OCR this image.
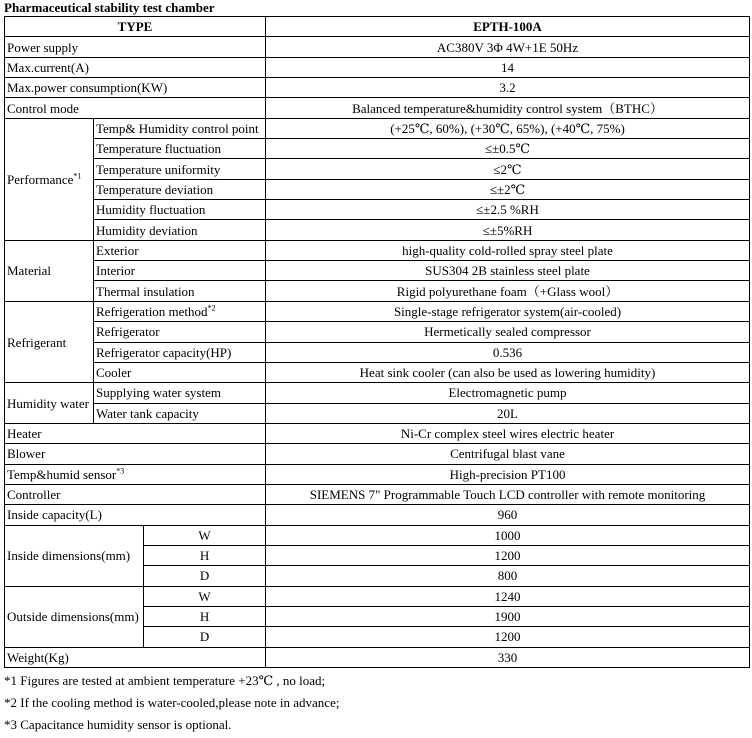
Pharmaceutical stability test chamber
TYPE			EPTH-100A
Power supply			AC380V 3Φ 4W+1E 50Hz
Max.current(A)			14
Max.power consumption(KW)			3.2
Control mode			Balanced temperature&humidity control system（BTHC）
Performance$^{*1}$	Temp& Humidity control point		(+25℃, 60%), (+30℃, 65%), (+40℃, 75%)
	Temperature fluctuation		≤±0.5℃
	Temperature uniformity		≤2℃
	Temperature deviation		≤±2℃
	Humidity fluctuation		≤±2.5 %RH
	Humidity deviation		≤±5%RH
Material	Exterior		high-quality cold-rolled spray steel plate
	Interior		SUS304 2B stainless steel plate
	Thermal insulation		Rigid polyurethane foam（+Glass wool）
Refrigerant	Refrigeration method$^{*2}$		Single-stage refrigerator system(air-cooled)
	Refrigerator		Hermetically sealed compressor
	Refrigerator capacity(HP)		0.536
	Cooler		Heat sink cooler (can also be used as lowering humidity)
Humidity water	Supplying water system		Electromagnetic pump
	Water tank capacity		20L
Heater			Ni-Cr complex steel wires electric heater
Blower			Centrifugal blast vane
Temp&humid sensor$^{*3}$			High-precision PT100
Controller			SIEMENS 7" Programmable Touch LCD controller with remote monitoring
Inside capacity(L)			960
Inside dimensions(mm)		W	1000
		H	1200
		D	800
Outside dimensions(mm)		W	1240
		H	1900
		D	1200
Weight(Kg)			330
*1 Figures are tested at ambient temperature +23℃ , no load;
*2 If the cooling method is water-cooled,please note in advance;
*3 Capacitance humidity sensor is optional.
